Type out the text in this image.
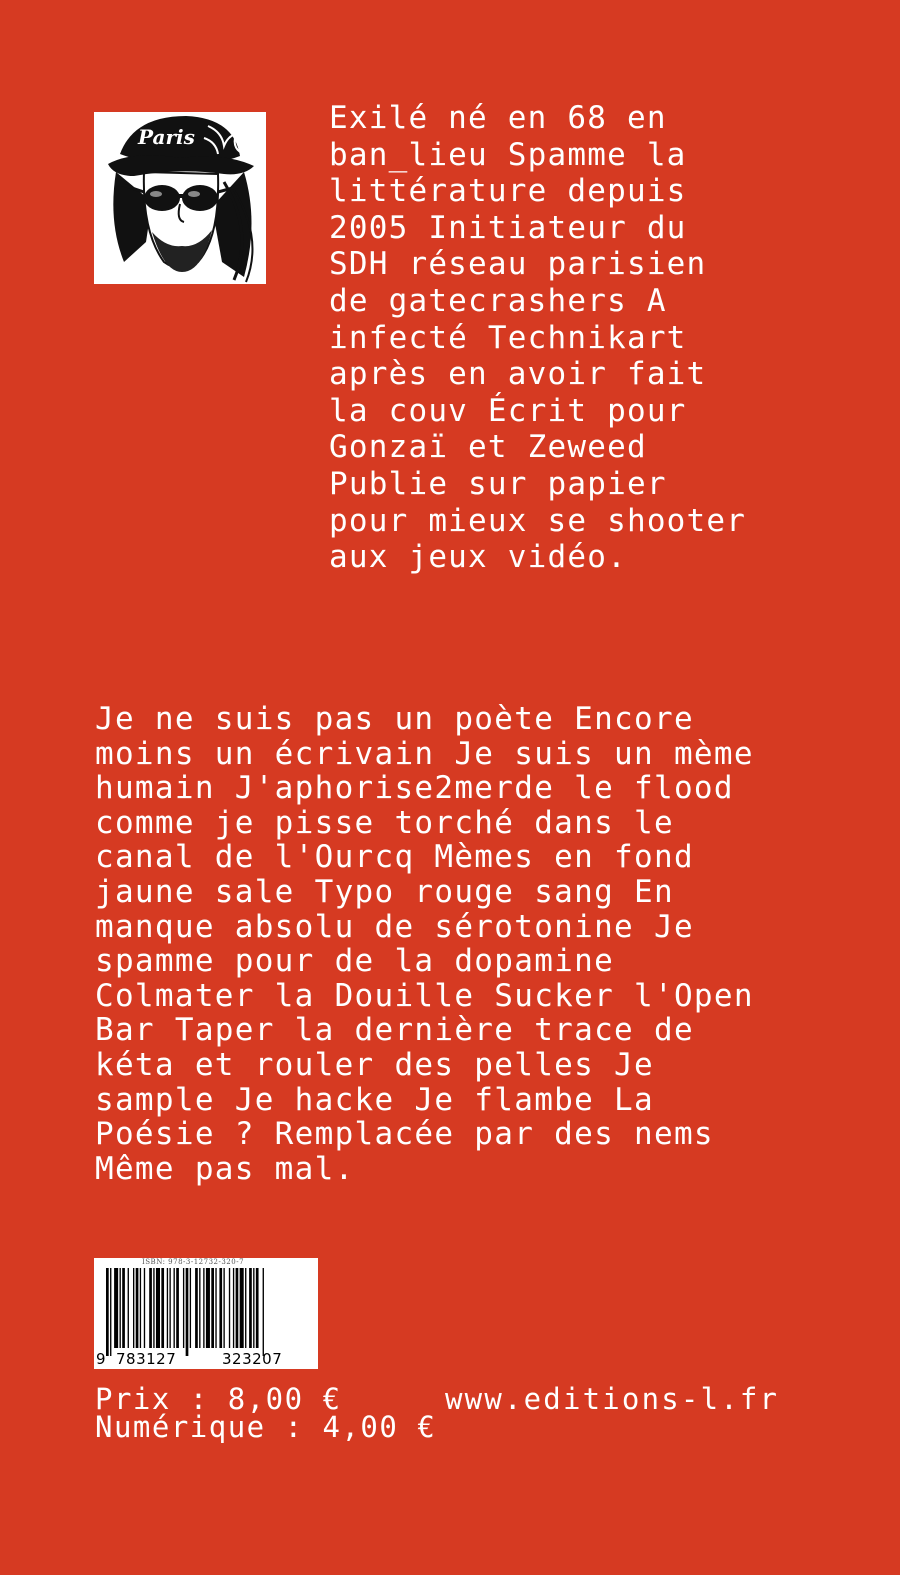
Paris
Exilé né en 68 en
ban_lieu Spamme la
littérature depuis
2005 Initiateur du
SDH réseau parisien
de gatecrashers A
infecté Technikart
après en avoir fait
la couv Écrit pour
Gonzaï et Zeweed
Publie sur papier
pour mieux se shooter
aux jeux vidéo.
Je ne suis pas un poète Encore
moins un écrivain Je suis un mème
humain J'aphorise2merde le flood
comme je pisse torché dans le
canal de l'Ourcq Mèmes en fond
jaune sale Typo rouge sang En
manque absolu de sérotonine Je
spamme pour de la dopamine
Colmater la Douille Sucker l'Open
Bar Taper la dernière trace de
kéta et rouler des pelles Je
sample Je hacke Je flambe La
Poésie ? Remplacée par des nems
Même pas mal.
ISBN: 978-3-12732-320-7
9 783127	323207
Prix : 8,00 €
Numérique : 4,00 €
www.editions-l.fr
